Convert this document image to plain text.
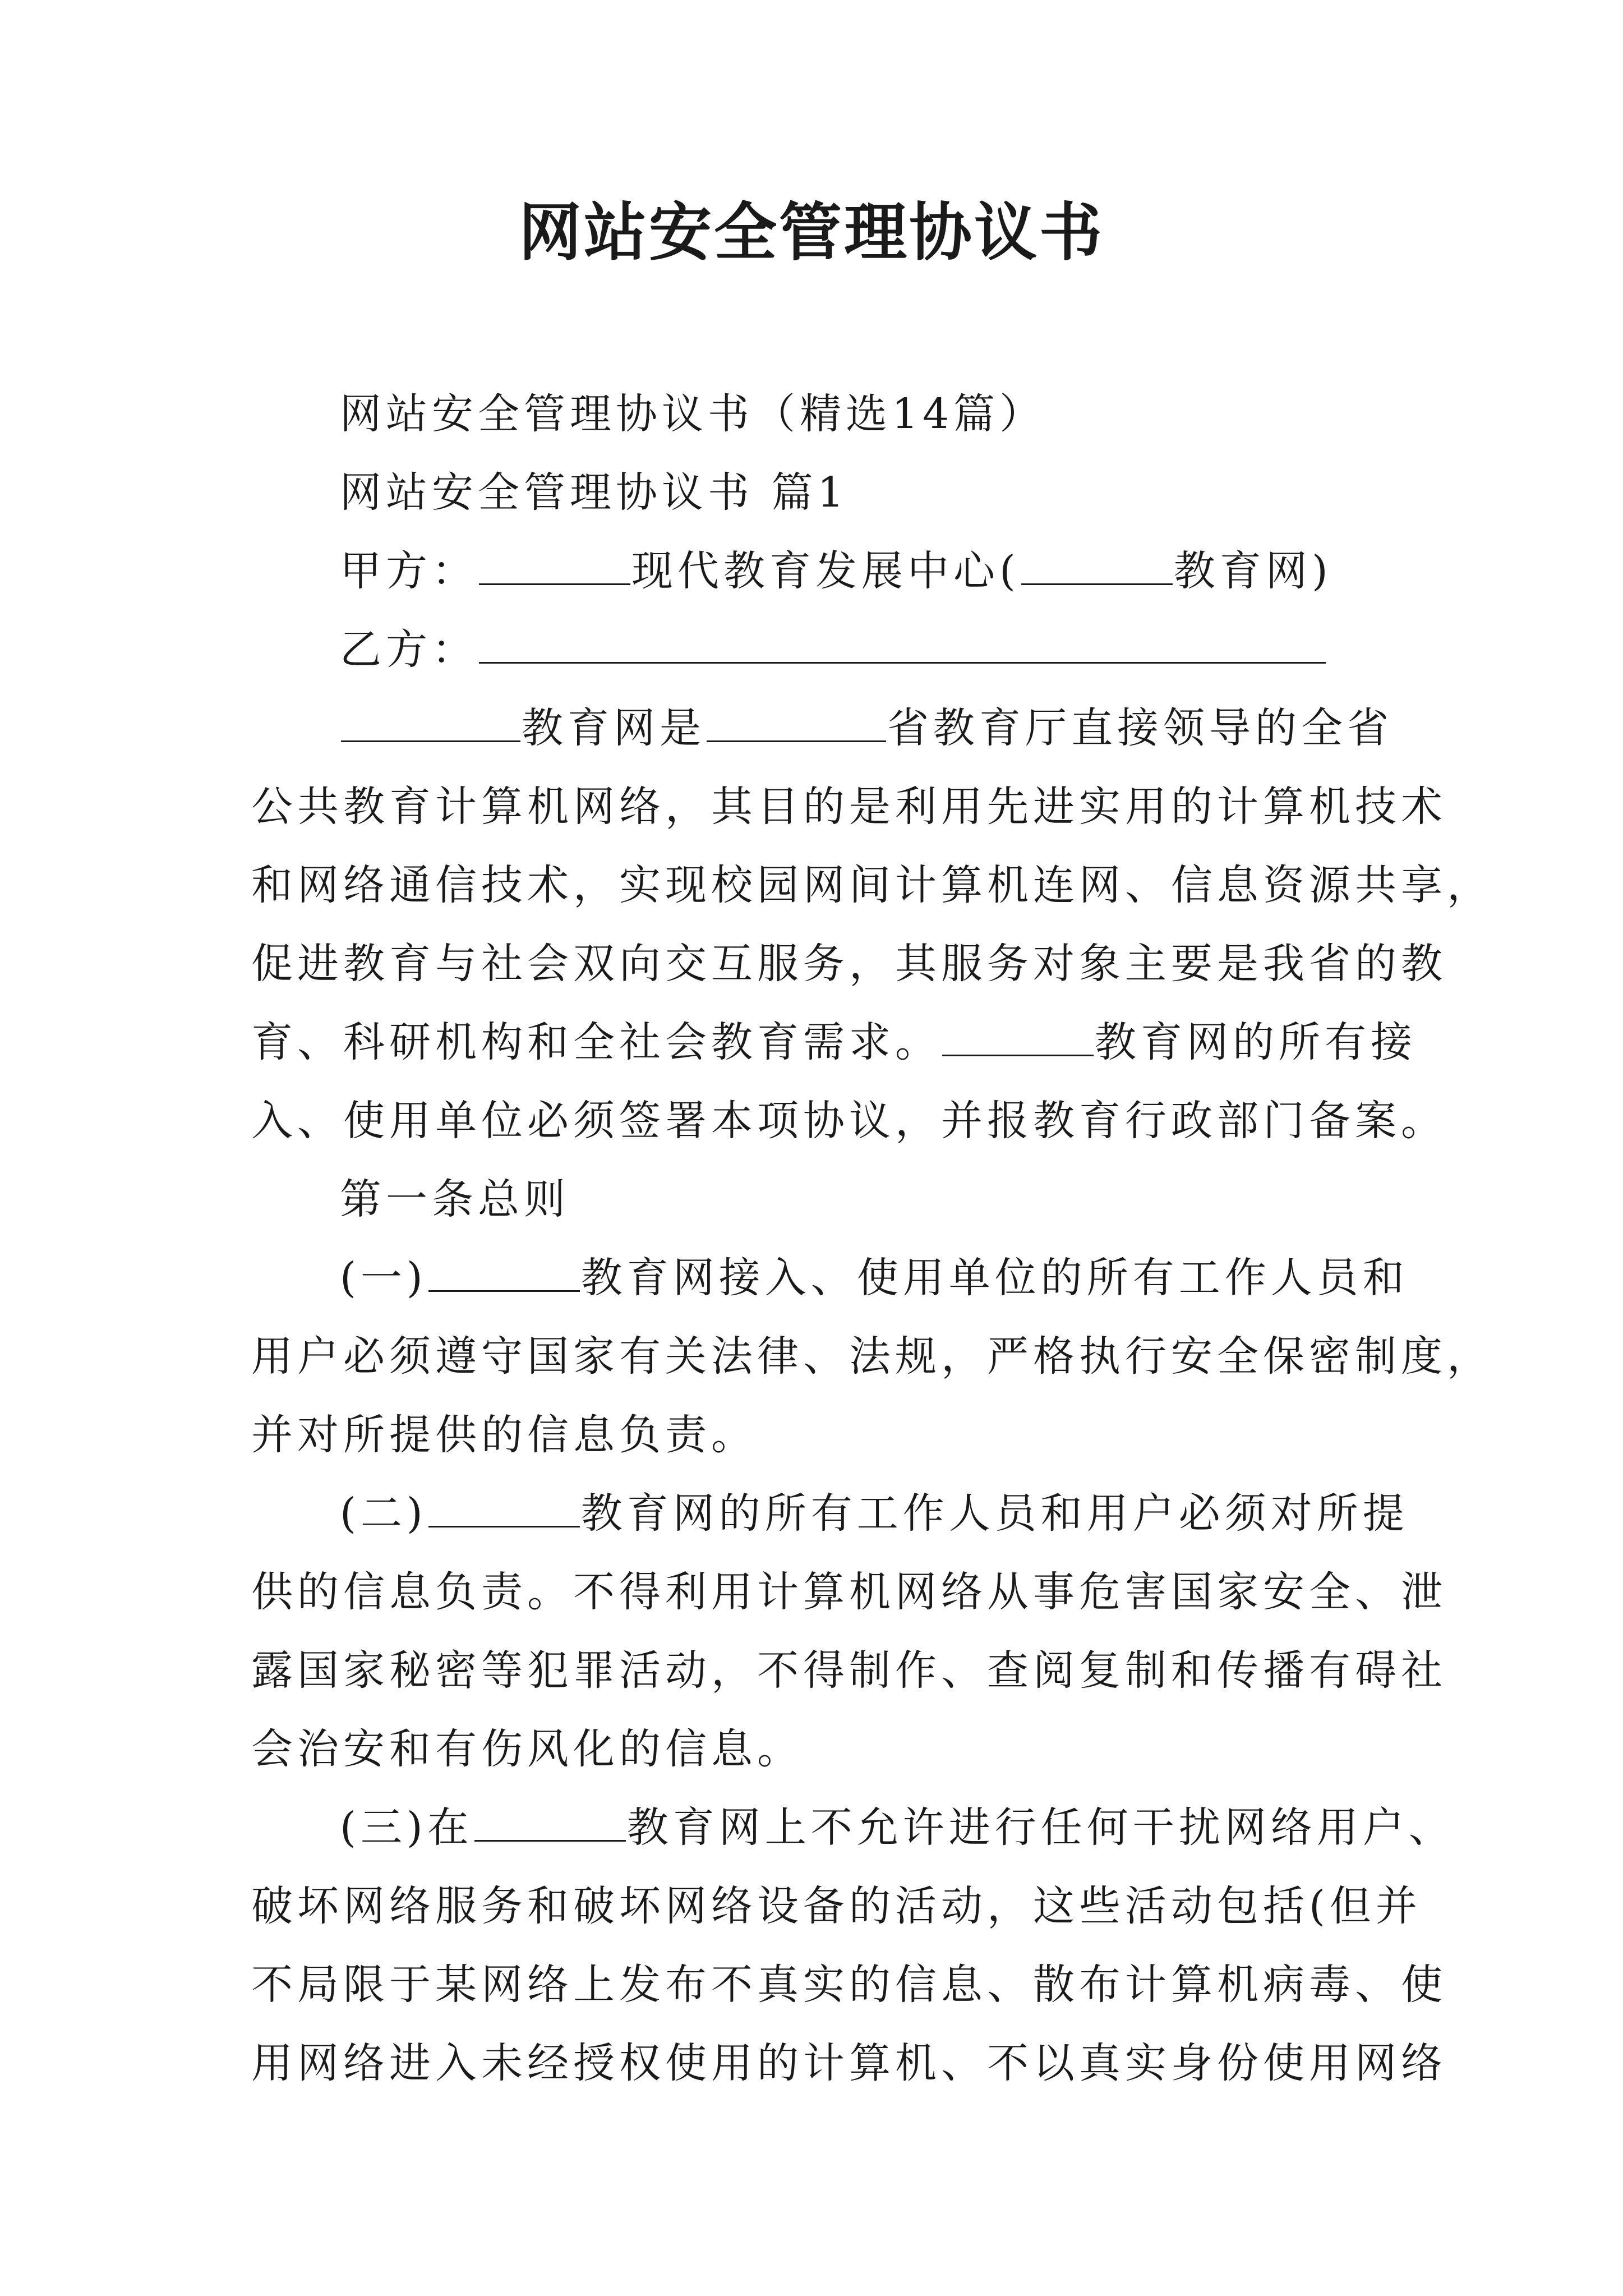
网站安全管理协议书
网站安全管理协议书（精选14篇）
网站安全管理协议书 篇1
甲方：	现代教育发展中心(	教育网)
乙方：
教育网是	省教育厅直接领导的全省
公共教育计算机网络，其目的是利用先进实用的计算机技术
和网络通信技术，实现校园网间计算机连网、信息资源共享，
促进教育与社会双向交互服务，其服务对象主要是我省的教
育、科研机构和全社会教育需求。	教育网的所有接
入、使用单位必须签署本项协议，并报教育行政部门备案。
第一条总则
(一)	教育网接入、使用单位的所有工作人员和
用户必须遵守国家有关法律、法规，严格执行安全保密制度，
并对所提供的信息负责。
(二)	教育网的所有工作人员和用户必须对所提
供的信息负责。不得利用计算机网络从事危害国家安全、泄
露国家秘密等犯罪活动，不得制作、查阅复制和传播有碍社
会治安和有伤风化的信息。
(三)在	教育网上不允许进行任何干扰网络用户、
破坏网络服务和破坏网络设备的活动，这些活动包括(但并
不局限于某网络上发布不真实的信息、散布计算机病毒、使
用网络进入未经授权使用的计算机、不以真实身份使用网络
